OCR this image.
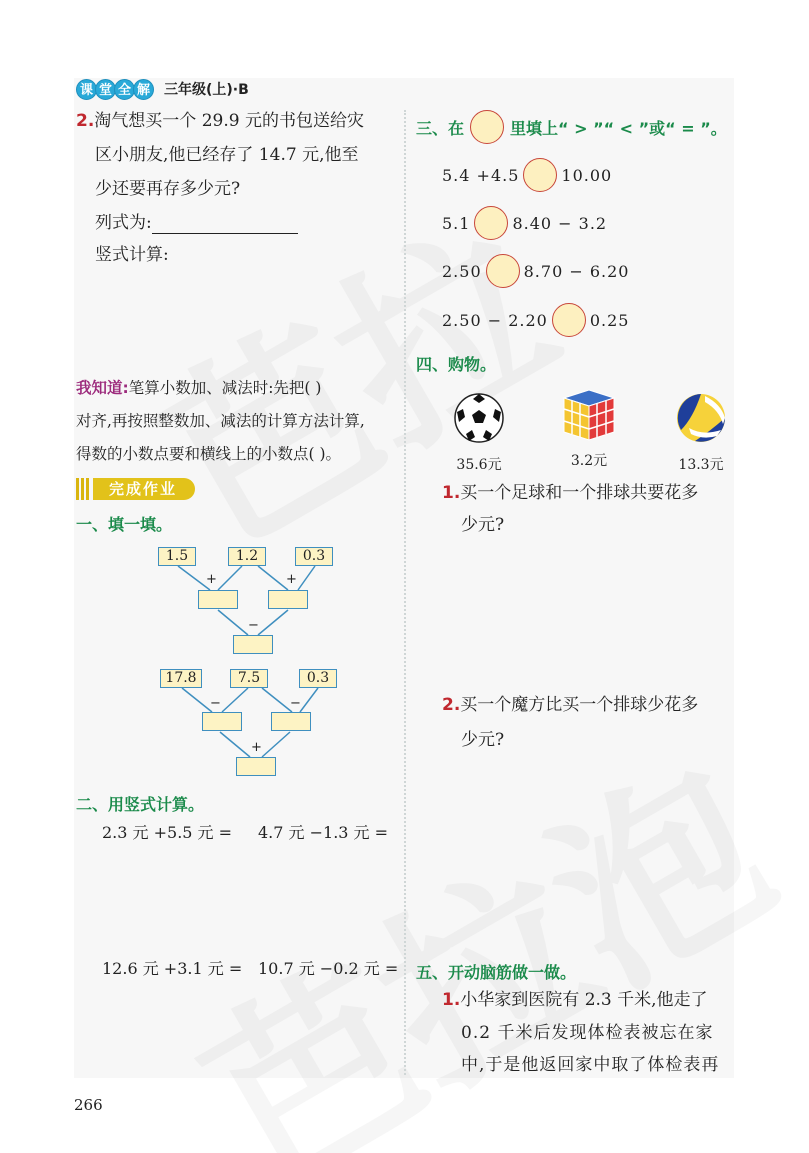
课 堂 全 解 三年级(上)·B
2.淘气想买一个 29.9 元的书包送给灾
区小朋友,他已经存了 14.7 元,他至
少还要再存多少元?
列式为:
竖式计算:
我知道:笔算小数加、减法时:先把( )
对齐,再按照整数加、减法的计算方法计算,
得数的小数点要和横线上的小数点( )。
完成作业
一、填一填。
1.5	1.2	0.3
+	+
−
17.8	7.5	0.3
−	−
+
二、用竖式计算。
2.3 元 +5.5 元 = 4.7 元 −1.3 元 =
12.6 元 +3.1 元 = 10.7 元 −0.2 元 =
三、在	里填上“ > ”“ < ”或“ = ”。
5.4 +4.5	10.00
5.1	8.40 − 3.2
2.50	8.70 − 6.20
2.50 − 2.20	0.25
四、购物。
35.6元	3.2元	13.3元
1.买一个足球和一个排球共要花多
少元?
2.买一个魔方比买一个排球少花多
少元?
五、开动脑筋做一做。
1.小华家到医院有 2.3 千米,他走了
0.2 千米后发现体检表被忘在家
中,于是他返回家中取了体检表再
266
